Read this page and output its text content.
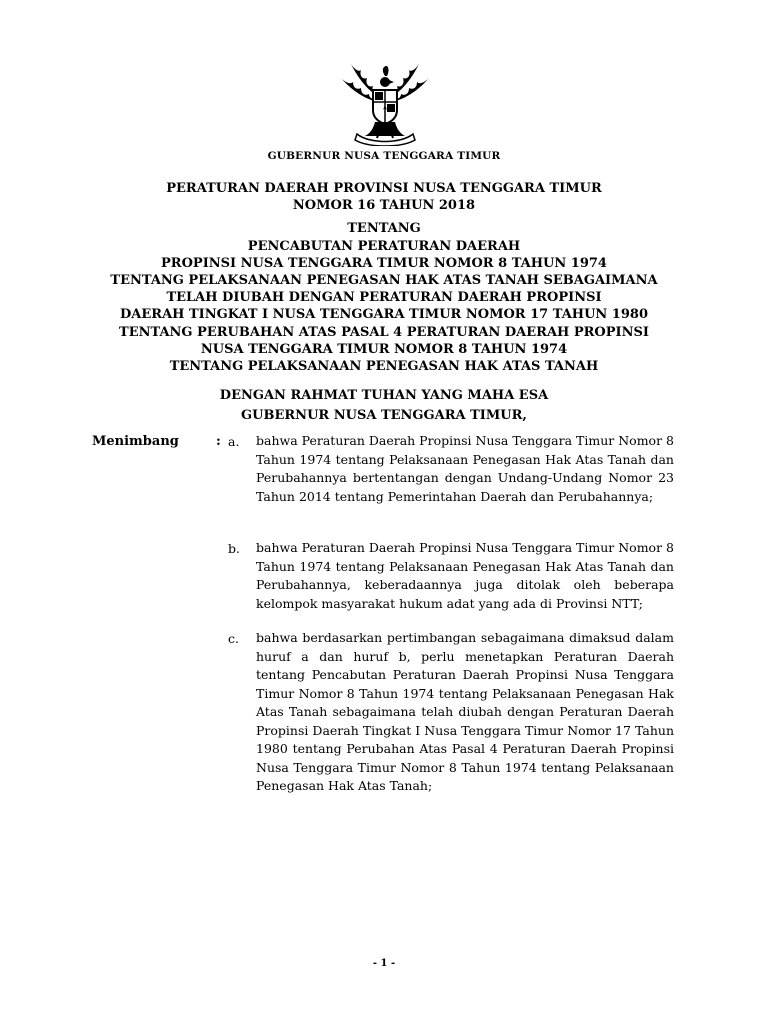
GUBERNUR NUSA TENGGARA TIMUR
PERATURAN DAERAH PROVINSI NUSA TENGGARA TIMUR
NOMOR 16 TAHUN 2018
TENTANG
PENCABUTAN PERATURAN DAERAH
PROPINSI NUSA TENGGARA TIMUR NOMOR 8 TAHUN 1974
TENTANG PELAKSANAAN PENEGASAN HAK ATAS TANAH SEBAGAIMANA
TELAH DIUBAH DENGAN PERATURAN DAERAH PROPINSI
DAERAH TINGKAT I NUSA TENGGARA TIMUR NOMOR 17 TAHUN 1980
TENTANG PERUBAHAN ATAS PASAL 4 PERATURAN DAERAH PROPINSI
NUSA TENGGARA TIMUR NOMOR 8 TAHUN 1974
TENTANG PELAKSANAAN PENEGASAN HAK ATAS TANAH
DENGAN RAHMAT TUHAN YANG MAHA ESA
GUBERNUR NUSA TENGGARA TIMUR,
Menimbang	: a. bahwa Peraturan Daerah Propinsi Nusa Tenggara Timur Nomor 8 Tahun 1974 tentang Pelaksanaan Penegasan Hak Atas Tanah dan Perubahannya bertentangan dengan Undang-Undang Nomor 23 Tahun 2014 tentang Pemerintahan Daerah dan Perubahannya;
b. bahwa Peraturan Daerah Propinsi Nusa Tenggara Timur Nomor 8 Tahun 1974 tentang Pelaksanaan Penegasan Hak Atas Tanah dan Perubahannya, keberadaannya juga ditolak oleh beberapa kelompok masyarakat hukum adat yang ada di Provinsi NTT;
c. bahwa berdasarkan pertimbangan sebagaimana dimaksud dalam huruf a dan huruf b, perlu menetapkan Peraturan Daerah tentang Pencabutan Peraturan Daerah Propinsi Nusa Tenggara Timur Nomor 8 Tahun 1974 tentang Pelaksanaan Penegasan Hak Atas Tanah sebagaimana telah diubah dengan Peraturan Daerah Propinsi Daerah Tingkat I Nusa Tenggara Timur Nomor 17 Tahun 1980 tentang Perubahan Atas Pasal 4 Peraturan Daerah Propinsi Nusa Tenggara Timur Nomor 8 Tahun 1974 tentang Pelaksanaan Penegasan Hak Atas Tanah;
- 1 -
